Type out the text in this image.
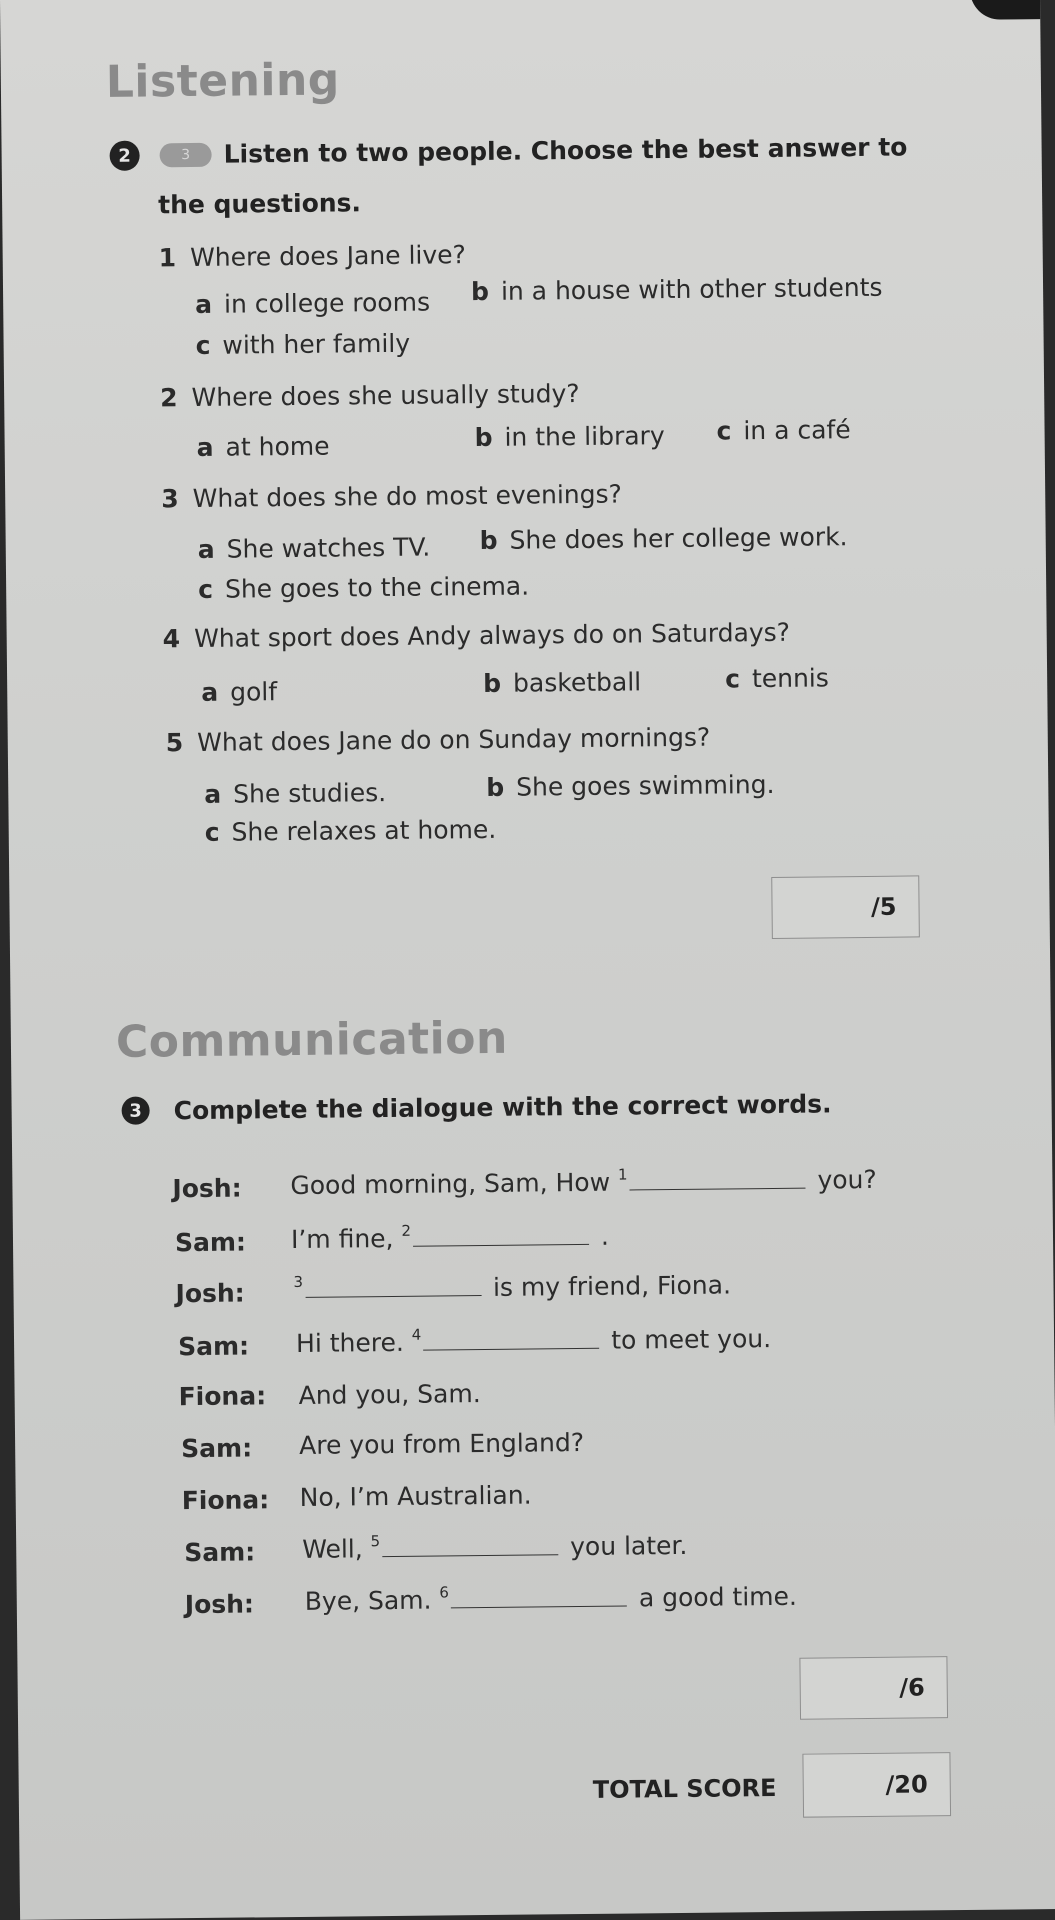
Listening
2	3	Listen to two people. Choose the best answer to
the questions.
1 Where does Jane live?
a in college rooms b in a house with other students
c with her family
2 Where does she usually study?
a at home	b in the library c in a café
3 What does she do most evenings?
a She watches TV. b She does her college work.
c She goes to the cinema.
4 What sport does Andy always do on Saturdays?
a golf	b basketball	c tennis
5 What does Jane do on Sunday mornings?
a She studies.	b She goes swimming.
c She relaxes at home.
/5
Communication
3	Complete the dialogue with the correct words.
Josh: Good morning, Sam, How $^1$	you?
Sam: I’m fine, $^2$	.
Josh:	$^3$	is my friend, Fiona.
Sam: Hi there. $^4$	to meet you.
Fiona: And you, Sam.
Sam: Are you from England?
Fiona: No, I’m Australian.
Sam: Well, $^5$	you later.
Josh: Bye, Sam. $^6$	a good time.
/6
TOTAL SCORE	/20
